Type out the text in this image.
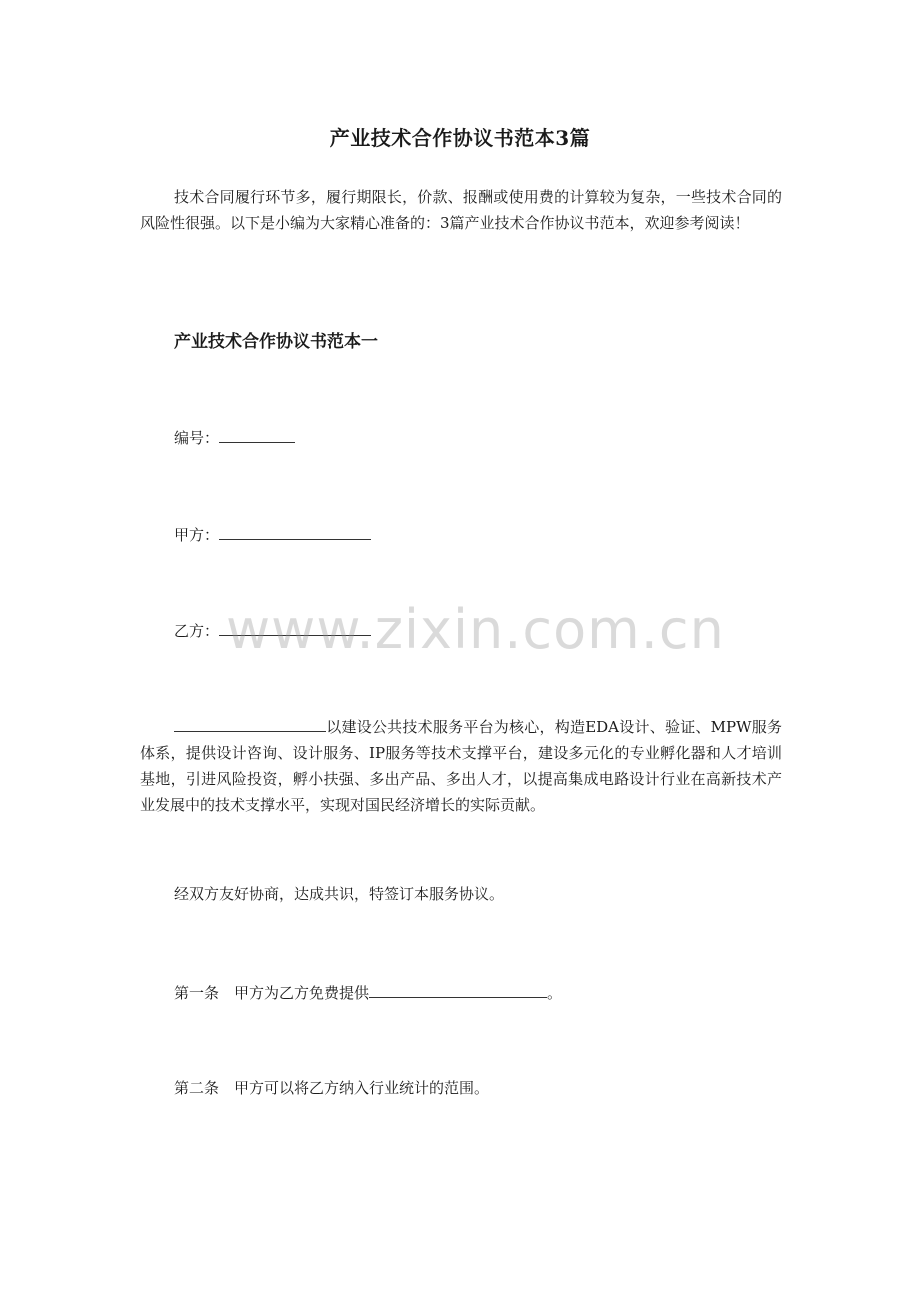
产业技术合作协议书范本3篇
技术合同履行环节多，履行期限长，价款、报酬或使用费的计算较为复杂，一些技术合同的风险性很强。以下是小编为大家精心准备的：3篇产业技术合作协议书范本，欢迎参考阅读！
产业技术合作协议书范本一
编号：
甲方：
乙方：
以建设公共技术服务平台为核心，构造EDA设计、验证、MPW服务体系，提供设计咨询、设计服务、IP服务等技术支撑平台，建设多元化的专业孵化器和人才培训基地，引进风险投资，孵小扶强、多出产品、多出人才，以提高集成电路设计行业在高新技术产业发展中的技术支撑水平，实现对国民经济增长的实际贡献。
经双方友好协商，达成共识，特签订本服务协议。
第一条　甲方为乙方免费提供	。
第二条　甲方可以将乙方纳入行业统计的范围。
www.zixin.com.cn
